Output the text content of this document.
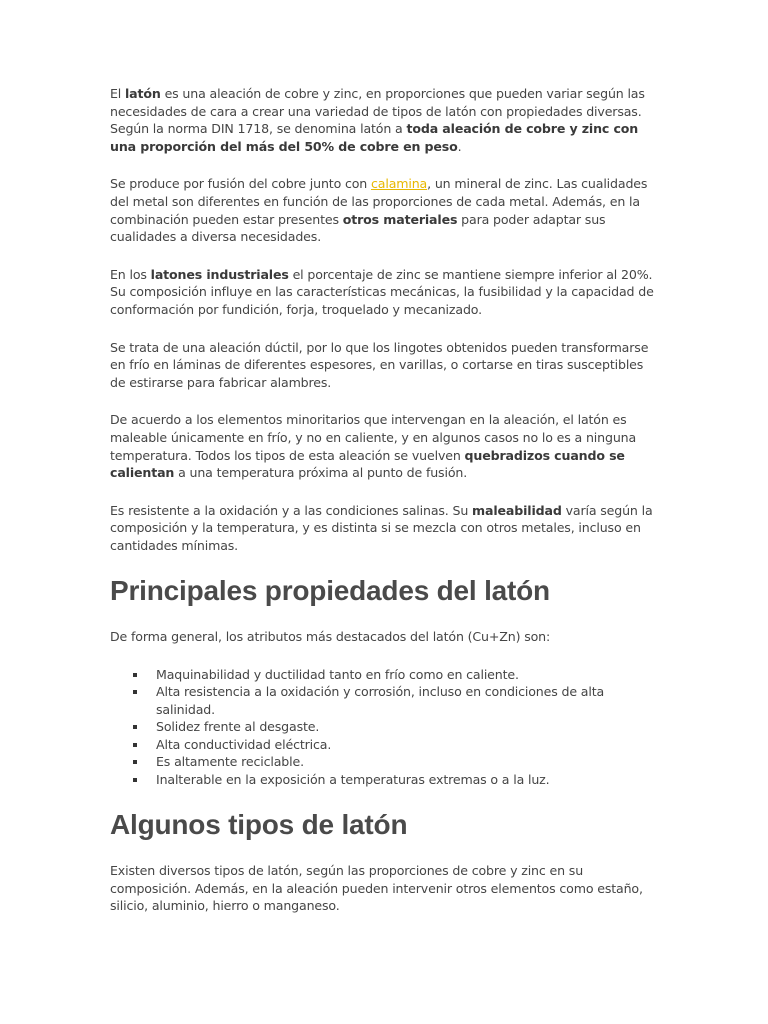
El latón es una aleación de cobre y zinc, en proporciones que pueden variar según las necesidades de cara a crear una variedad de tipos de latón con propiedades diversas. Según la norma DIN 1718, se denomina latón a toda aleación de cobre y zinc con una proporción del más del 50% de cobre en peso.

Se produce por fusión del cobre junto con calamina, un mineral de zinc. Las cualidades del metal son diferentes en función de las proporciones de cada metal. Además, en la combinación pueden estar presentes otros materiales para poder adaptar sus cualidades a diversa necesidades.

En los latones industriales el porcentaje de zinc se mantiene siempre inferior al 20%. Su composición influye en las características mecánicas, la fusibilidad y la capacidad de conformación por fundición, forja, troquelado y mecanizado.

Se trata de una aleación dúctil, por lo que los lingotes obtenidos pueden transformarse en frío en láminas de diferentes espesores, en varillas, o cortarse en tiras susceptibles de estirarse para fabricar alambres.

De acuerdo a los elementos minoritarios que intervengan en la aleación, el latón es maleable únicamente en frío, y no en caliente, y en algunos casos no lo es a ninguna temperatura. Todos los tipos de esta aleación se vuelven quebradizos cuando se calientan a una temperatura próxima al punto de fusión.

Es resistente a la oxidación y a las condiciones salinas. Su maleabilidad varía según la composición y la temperatura, y es distinta si se mezcla con otros metales, incluso en cantidades mínimas.

Principales propiedades del latón

De forma general, los atributos más destacados del latón (Cu+Zn) son:

Maquinabilidad y ductilidad tanto en frío como en caliente.
Alta resistencia a la oxidación y corrosión, incluso en condiciones de alta salinidad.
Solidez frente al desgaste.
Alta conductividad eléctrica.
Es altamente reciclable.
Inalterable en la exposición a temperaturas extremas o a la luz.
Algunos tipos de latón

Existen diversos tipos de latón, según las proporciones de cobre y zinc en su composición. Además, en la aleación pueden intervenir otros elementos como estaño, silicio, aluminio, hierro o manganeso.
